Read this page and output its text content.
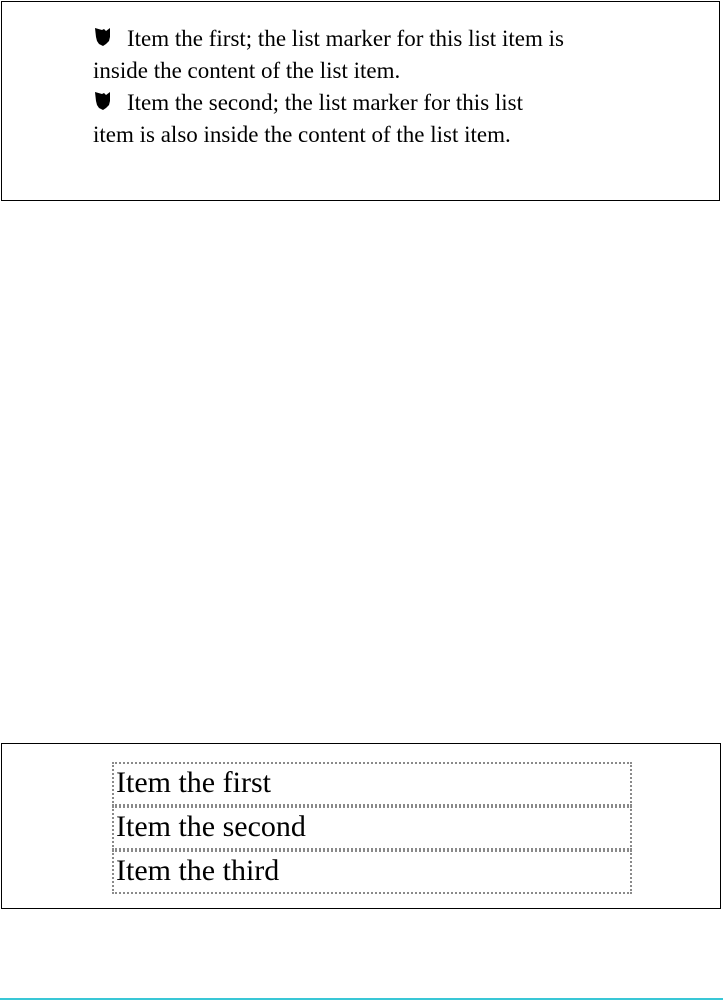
Item the first; the list marker for this list item is inside the content of the list item.
Item the second; the list marker for this list item is also inside the content of the list item.
Item the first
Item the second
Item the third
